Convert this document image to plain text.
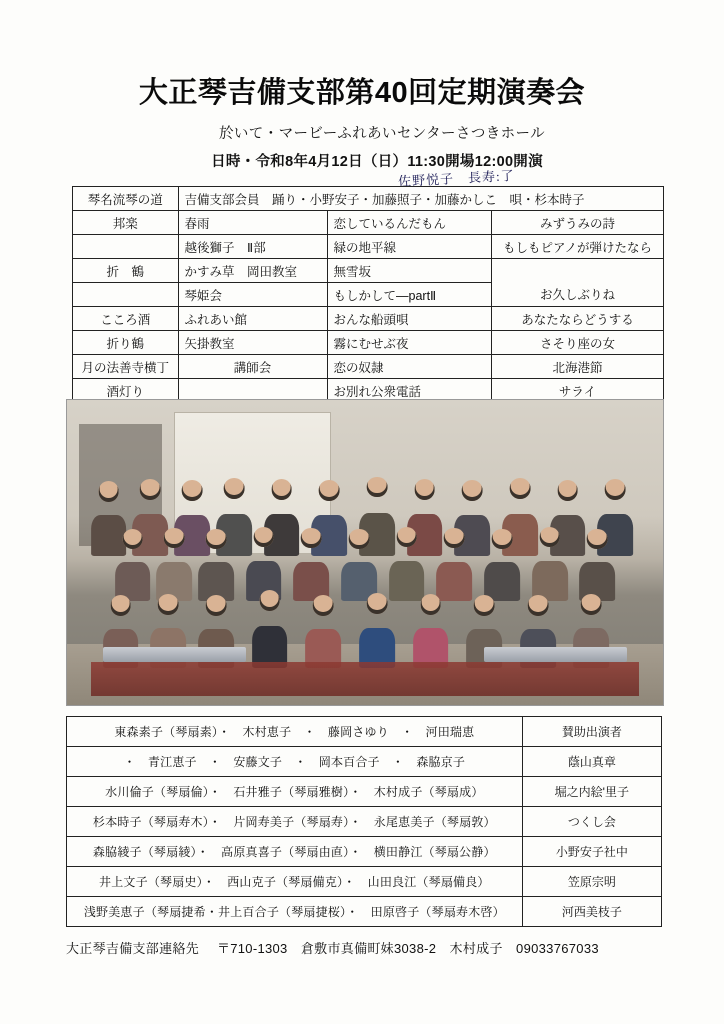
大正琴吉備支部第40回定期演奏会
於いて・マービーふれあいセンターさつきホール
日時・令和8年4月12日（日）11:30開場12:00開演
佐野悦子　長寿:了
琴名流琴の道	吉備支部会員　踊り・小野安子・加藤照子・加藤かしこ　唄・杉本時子		
邦楽	春雨	恋しているんだもん	みずうみの詩
	越後獅子　Ⅱ部	緑の地平線	もしもピアノが弾けたなら
折　鶴	かすみ草　岡田教室	無雪坂	
	琴姫会	もしかして―partⅡ	お久しぶりね
こころ酒	ふれあい館	おんな船頭唄	あなたならどうする
折り鶴	矢掛教室	霧にむせぶ夜	さそり座の女
月の法善寺横丁	講師会	恋の奴隷	北海港節
酒灯り		お別れ公衆電話	サライ
東森素子（琴扇素）・　木村恵子　・　藤岡さゆり　・　河田瑞恵	賛助出演者
・　青江恵子　・　安藤文子　・　岡本百合子　・　森脇京子	蔭山真章
水川倫子（琴扇倫）・　石井雅子（琴扇雅樹）・　木村成子（琴扇成）	堀之内絵'里子
杉本時子（琴扇寿木）・　片岡寿美子（琴扇寿）・　永尾恵美子（琴扇敦）	つくし会
森脇綾子（琴扇綾）・　高原真喜子（琴扇由直）・　横田静江（琴扇公静）	小野安子社中
井上文子（琴扇史）・　西山克子（琴扇備克）・　山田良江（琴扇備良）	笠原宗明
浅野美恵子（琴扇捷希・井上百合子（琴扇捷桜）・　田原啓子（琴扇寿木啓）	河西美枝子
大正琴吉備支部連絡先 〒710-1303　倉敷市真備町妹3038-2　木村成子　09033767033
